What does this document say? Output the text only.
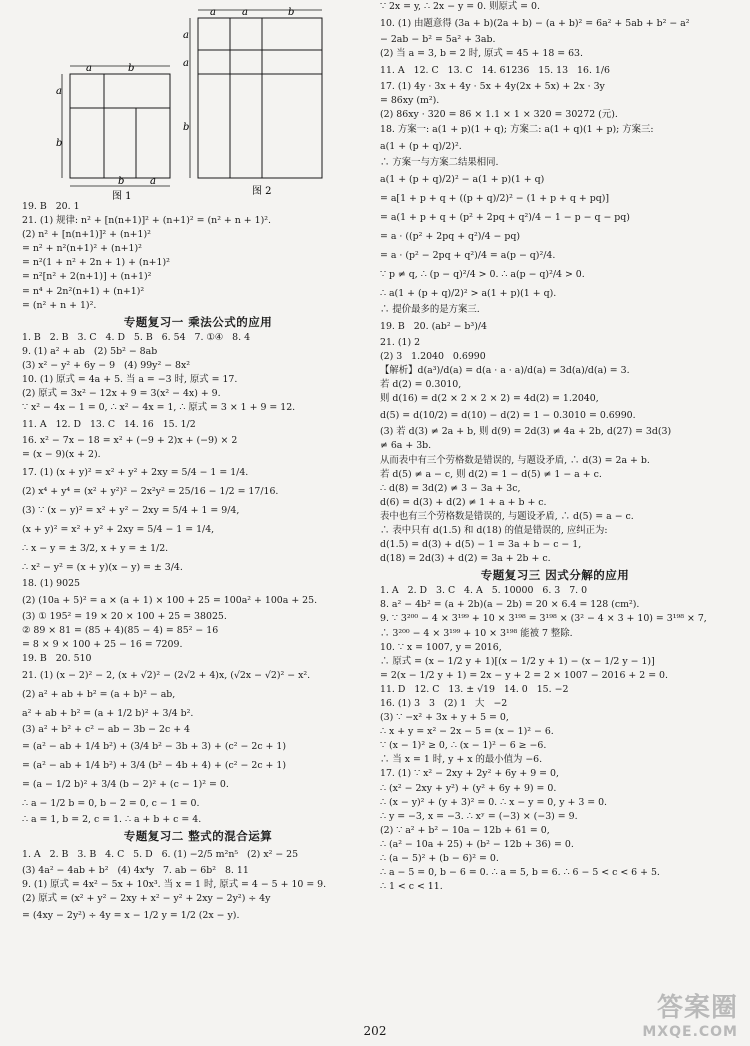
a	b
a
b
b	a
图 1
a	a	b
a
a
b
图 2
19. B   20. 1
21. (1) 规律: n² + [n(n+1)]² + (n+1)² = (n² + n + 1)².
(2) n² + [n(n+1)]² + (n+1)²
= n² + n²(n+1)² + (n+1)²
= n²(1 + n² + 2n + 1) + (n+1)²
= n²[n² + 2(n+1)] + (n+1)²
= n⁴ + 2n²(n+1) + (n+1)²
= (n² + n + 1)².
专题复习一 乘法公式的应用
1. B   2. B   3. C   4. D   5. B   6. 54   7. ①④   8. 4
9. (1) a² + ab   (2) 5b² − 8ab
(3) x² − y² + 6y − 9   (4) 99y² − 8x²
10. (1) 原式 = 4a + 5. 当 a = −3 时, 原式 = 17.
(2) 原式 = 3x² − 12x + 9 = 3(x² − 4x) + 9.
∵ x² − 4x − 1 = 0, ∴ x² − 4x = 1, ∴ 原式 = 3 × 1 + 9 = 12.
11. A   12. D   13. C   14. 16   15. 1/2
16. x² − 7x − 18 = x² + (−9 + 2)x + (−9) × 2
= (x − 9)(x + 2).
17. (1) (x + y)² = x² + y² + 2xy = 5/4 − 1 = 1/4.
(2) x⁴ + y⁴ = (x² + y²)² − 2x²y² = 25/16 − 1/2 = 17/16.
(3) ∵ (x − y)² = x² + y² − 2xy = 5/4 + 1 = 9/4,
(x + y)² = x² + y² + 2xy = 5/4 − 1 = 1/4,
∴ x − y = ± 3/2, x + y = ± 1/2.
∴ x² − y² = (x + y)(x − y) = ± 3/4.
18. (1) 9025
(2) (10a + 5)² = a × (a + 1) × 100 + 25 = 100a² + 100a + 25.
(3) ① 195² = 19 × 20 × 100 + 25 = 38025.
② 89 × 81 = (85 + 4)(85 − 4) = 85² − 16
= 8 × 9 × 100 + 25 − 16 = 7209.
19. B   20. 510
21. (1) (x − 2)² − 2, (x + √2)² − (2√2 + 4)x, (√2x − √2)² − x².
(2) a² + ab + b² = (a + b)² − ab,
a² + ab + b² = (a + 1/2 b)² + 3/4 b².
(3) a² + b² + c² − ab − 3b − 2c + 4
= (a² − ab + 1/4 b²) + (3/4 b² − 3b + 3) + (c² − 2c + 1)
= (a² − ab + 1/4 b²) + 3/4 (b² − 4b + 4) + (c² − 2c + 1)
= (a − 1/2 b)² + 3/4 (b − 2)² + (c − 1)² = 0.
∴ a − 1/2 b = 0, b − 2 = 0, c − 1 = 0.
∴ a = 1, b = 2, c = 1. ∴ a + b + c = 4.
专题复习二 整式的混合运算
1. A   2. B   3. B   4. C   5. D   6. (1) −2/5 m²n⁵   (2) x² − 25
(3) 4a² − 4ab + b²   (4) 4x⁴y   7. ab − 6b²   8. 11
9. (1) 原式 = 4x² − 5x + 10x³. 当 x = 1 时, 原式 = 4 − 5 + 10 = 9.
(2) 原式 = (x² + y² − 2xy + x² − y² + 2xy − 2y²) ÷ 4y
= (4xy − 2y²) ÷ 4y = x − 1/2 y = 1/2 (2x − y).
∵ 2x = y, ∴ 2x − y = 0. 则原式 = 0.
10. (1) 由题意得 (3a + b)(2a + b) − (a + b)² = 6a² + 5ab + b² − a²
− 2ab − b² = 5a² + 3ab.
(2) 当 a = 3, b = 2 时, 原式 = 45 + 18 = 63.
11. A   12. C   13. C   14. 61236   15. 13   16. 1/6
17. (1) 4y · 3x + 4y · 5x + 4y(2x + 5x) + 2x · 3y
= 86xy (m²).
(2) 86xy · 320 = 86 × 1.1 × 1 × 320 = 30272 (元).
18. 方案一: a(1 + p)(1 + q); 方案二: a(1 + q)(1 + p); 方案三:
a(1 + (p + q)/2)².
∴ 方案一与方案二结果相同.
a(1 + (p + q)/2)² − a(1 + p)(1 + q)
= a[1 + p + q + ((p + q)/2)² − (1 + p + q + pq)]
= a(1 + p + q + (p² + 2pq + q²)/4 − 1 − p − q − pq)
= a · ((p² + 2pq + q²)/4 − pq)
= a · (p² − 2pq + q²)/4 = a(p − q)²/4.
∵ p ≠ q, ∴ (p − q)²/4 > 0. ∴ a(p − q)²/4 > 0.
∴ a(1 + (p + q)/2)² > a(1 + p)(1 + q).
∴ 提价最多的是方案三.
19. B   20. (ab² − b³)/4
21. (1) 2
(2) 3   1.2040   0.6990
【解析】d(a³)/d(a) = d(a · a · a)/d(a) = 3d(a)/d(a) = 3.
若 d(2) = 0.3010,
则 d(16) = d(2 × 2 × 2 × 2) = 4d(2) = 1.2040,
d(5) = d(10/2) = d(10) − d(2) = 1 − 0.3010 = 0.6990.
(3) 若 d(3) ≠ 2a + b, 则 d(9) = 2d(3) ≠ 4a + 2b, d(27) = 3d(3)
≠ 6a + 3b.
从而表中有三个劳格数是错误的, 与题设矛盾, ∴ d(3) = 2a + b.
若 d(5) ≠ a − c, 则 d(2) = 1 − d(5) ≠ 1 − a + c.
∴ d(8) = 3d(2) ≠ 3 − 3a + 3c,
d(6) = d(3) + d(2) ≠ 1 + a + b + c.
表中也有三个劳格数是错误的, 与题设矛盾, ∴ d(5) = a − c.
∴ 表中只有 d(1.5) 和 d(18) 的值是错误的, 应纠正为:
d(1.5) = d(3) + d(5) − 1 = 3a + b − c − 1,
d(18) = 2d(3) + d(2) = 3a + 2b + c.
专题复习三 因式分解的应用
1. A   2. D   3. C   4. A   5. 10000   6. 3   7. 0
8. a² − 4b² = (a + 2b)(a − 2b) = 20 × 6.4 = 128 (cm²).
9. ∵ 3²⁰⁰ − 4 × 3¹⁹⁹ + 10 × 3¹⁹⁸ = 3¹⁹⁸ × (3² − 4 × 3 + 10) = 3¹⁹⁸ × 7,
∴ 3²⁰⁰ − 4 × 3¹⁹⁹ + 10 × 3¹⁹⁸ 能被 7 整除.
10. ∵ x = 1007, y = 2016,
∴ 原式 = (x − 1/2 y + 1)[(x − 1/2 y + 1) − (x − 1/2 y − 1)]
= 2(x − 1/2 y + 1) = 2x − y + 2 = 2 × 1007 − 2016 + 2 = 0.
11. D   12. C   13. ± √19   14. 0   15. −2
16. (1) 3   3   (2) 1   大   −2
(3) ∵ −x² + 3x + y + 5 = 0,
∴ x + y = x² − 2x − 5 = (x − 1)² − 6.
∵ (x − 1)² ≥ 0, ∴ (x − 1)² − 6 ≥ −6.
∴ 当 x = 1 时, y + x 的最小值为 −6.
17. (1) ∵ x² − 2xy + 2y² + 6y + 9 = 0,
∴ (x² − 2xy + y²) + (y² + 6y + 9) = 0.
∴ (x − y)² + (y + 3)² = 0. ∴ x − y = 0, y + 3 = 0.
∴ y = −3, x = −3. ∴ xʸ = (−3) × (−3) = 9.
(2) ∵ a² + b² − 10a − 12b + 61 = 0,
∴ (a² − 10a + 25) + (b² − 12b + 36) = 0.
∴ (a − 5)² + (b − 6)² = 0.
∴ a − 5 = 0, b − 6 = 0. ∴ a = 5, b = 6. ∴ 6 − 5 < c < 6 + 5.
∴ 1 < c < 11.
202
答案圈
MXQE.COM
